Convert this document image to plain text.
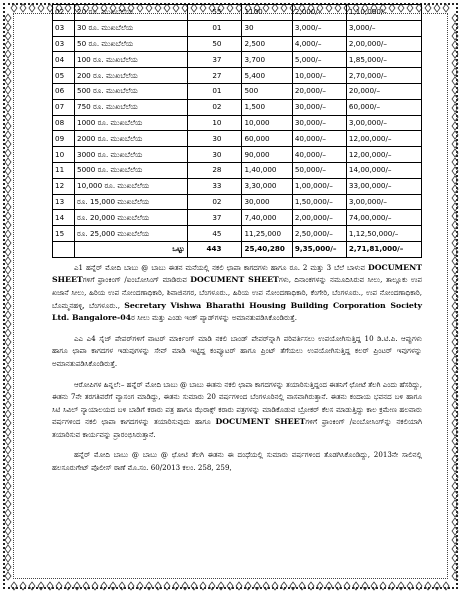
02	20 ರೂ. ಮುಖಬೆಲೆಯ	55	1100	2,000/–	1,10,000/–
03	30 ರೂ. ಮುಖಬೆಲೆಯ	01	30	3,000/–	3,000/–
03	50 ರೂ. ಮುಖಬೆಲೆಯ	50	2,500	4,000/–	2,00,000/–
04	100 ರೂ. ಮುಖಬೆಲೆಯ	37	3,700	5,000/–	1,85,000/–
05	200 ರೂ. ಮುಖಬೆಲೆಯ	27	5,400	10,000/–	2,70,000/–
06	500 ರೂ. ಮುಖಬೆಲೆಯ	01	500	20,000/–	20,000/–
07	750 ರೂ. ಮುಖಬೆಲೆಯ	02	1,500	30,000/–	60,000/–
08	1000 ರೂ. ಮುಖಬೆಲೆಯ	10	10,000	30,000/–	3,00,000/–
09	2000 ರೂ. ಮುಖಬೆಲೆಯ	30	60,000	40,000/–	12,00,000/–
10	3000 ರೂ. ಮುಖಬೆಲೆಯ	30	90,000	40,000/–	12,00,000/–
11	5000 ರೂ. ಮುಖಬೆಲೆಯ	28	1,40,000	50,000/–	14,00,000/–
12	10,000 ರೂ. ಮುಖಬೆಲೆಯ	33	3,30,000	1,00,000/–	33,00,000/–
13	ರೂ. 15,000 ಮುಖಬೆಲೆಯ	02	30,000	1,50,000/–	3,00,000/–
14	ರೂ. 20,000 ಮುಖಬೆಲೆಯ	37	7,40,000	2,00,000/–	74,00,000/–
15	ರೂ. 25,000 ಮುಖಬೆಲೆಯ	45	11,25,000	2,50,000/–	1,12,50,000/–
	ಒಟ್ಟು	443	25,40,280	9,35,000/–	2,71,81,000/–

ಎ1 ಹನ್ನೆರ್ ಮೋದಿ ಬಾಬು @ ಬಾಬು ಈತನ ಮನೆಯಲ್ಲಿ ನಕಲಿ ಛಾಪಾ ಕಾಗದಗಳು ಹಾಗೂ ರೂ. 2 ಮತ್ತು 3 ಬೆಲೆ ಬಾಳುವ DOCUMENT SHEETಗಳಿಗೆ ಫ್ರಾಂಕಿಂಗ್ /ಐಂಬೋಸಿಂಗ್ ಮಾಡಿರುವ DOCUMENT SHEETಗಳು, ದಿನಾಂಕಗಳನ್ನು ನಮೂದಿಸಿರುವ ಸೀಲು, ತಾಲ್ಲೂಕು ಉಪ ಖಜಾನೆ ಸೀಲು, ಹಿರಿಯ ಉಪ ನೋಂದಣಾಧಿಕಾರಿ, ಶಿವಾಜಿನಗರ, ಬೆಂಗಳೂರು., ಹಿರಿಯ ಉಪ ನೋಂದಣಾಧಿಕಾರಿ, ಕೆಂಗೇರಿ, ಬೆಂಗಳೂರು., ಉಪ ನೋಂದಣಾಧಿಕಾರಿ, ಬೊಮ್ಮನಹಳ್ಳಿ, ಬೆಂಗಳೂರು., Secretary Vishwa Bharathi Housing Building Corporation Society Ltd. Bangalore-04ರ ಸೀಲು ಮತ್ತು ಎಂಡು ಇಂಕ್ ಪ್ಯಾಡ್‌ಗಳನ್ನು ಅಮಾನತುಪಡಿಸಿಕೊಂಡಿರುತ್ತೆ.

ಎಎ ಎ4 ಸೈಜ್ ಪೇಪರ್‌ಗಳಿಗೆ ವಾಟರ್ ಮಾರ್ಕಿಂಗ್ ಮಾಡಿ ನಕಲಿ ಬಾಂಡ್ ಪೇಪರ್‌ನ್ನಾಗಿ ಪರಿವರ್ತಿಸಲು ಉಪಯೋಗಿಸುತ್ತಿದ್ದ 10 ಡಿ.ಟಿ.ಪಿ. ಆಪ್ಪುಗಳು ಹಾಗೂ ಛಾಪಾ ಕಾಗದಗಳ ಇಡುಪುಗಳನ್ನು ಸೇವ್ ಮಾಡಿ ಇಟ್ಟಿದ್ದ ಕಂಪ್ಯೂಟರ್ ಹಾಗೂ ಪ್ರಿಂಟ್ ತೆಗೆಯಲು ಉಪಯೋಗಿಸುತ್ತಿದ್ದ ಕಲರ್ ಪ್ರಿಂಟರ್ ಇವುಗಳನ್ನು ಅಮಾನತುಪಡಿಸಿಕೊಂಡಿರುತ್ತೆ.

ಆರೋಪಿಗಳ ಹಿನ್ನಲೆ:– ಹನ್ನೆರ್ ಮೋದಿ ಬಾಬು @ ಬಾಬು ಈತನು ನಕಲಿ ಛಾಪಾ ಕಾಗದಗಳನ್ನು ತಯಾರಿಸುತ್ತಿದ್ದಂದ ಈತನಿಗೆ ಛೋಟೆ ತೆಲಗಿ ಎಂದು ಹೆಸರಿದ್ದು, ಈತನು 7ನೇ ತರಗತಿವರೆಗೆ ವ್ಯಾಸಂಗ ಮಾಡಿದ್ದು, ಈತನು ಸುಮಾರು 20 ವರ್ಷಗಳಿಂದ ಬೆಂಗಳೂರಿನಲ್ಲಿ ವಾಸವಾಗಿರುತ್ತಾನೆ. ಈತನು ಕಂದಾಯ ಭವನದ ಬಳಿ ಹಾಗೂ ಸಿಟಿ ಸಿವಿಲ್ ನ್ಯಾಯಾಲಯದ ಬಳಿ ಬಾಡಿಗೆ ಕರಾರು ಪತ್ರ ಹಾಗೂ ಝೆರಾಕ್ಸ್ ಕರಾರು ಪತ್ರಗಳನ್ನು ಮಾಡಿಕೊಡುವ ಬ್ರೋಕರ್ ಕೆಲಸ ಮಾಡುತ್ತಿದ್ದು ಕಾಲ ಕ್ರಮೇಣ ಹಲವಾರು ವರ್ಷಗಳಿಂದ ನಕಲಿ ಛಾಪಾ ಕಾಗದಗಳನ್ನು ತಯಾರಿಸುವುದು ಹಾಗೂ DOCUMENT SHEETಗಳಿಗೆ ಫ್ರಾಂಕಿಂಗ್ /ಐಂಬೋಸಿಂಗ್‌ನ್ನು ನಕಲಿಯಾಗಿ ತಯಾರಿಸುವ ಕಾರ್ಯವನ್ನು ಪ್ರಾರಂಭಿಸಿರುತ್ತಾನೆ.

ಹನ್ನೆರ್ ಮೋದಿ ಬಾಬು @ ಬಾಬು @ ಛೋಟಿ ತೆಲಗಿ ಈತನು ಈ ದಂಧೆಯಲ್ಲಿ ಸುಮಾರು ವರ್ಷಗಳಿಂದ ತೊಡಗಿಸಿಕೊಂಡಿದ್ದು, 2013ನೇ ಸಾಲಿನಲ್ಲಿ ಹಲಸೂರುಗೇಟ್ ಪೊಲೀಸ್ ಠಾಣೆ ಮೊ.ಸಂ. 60/2013 ಕಲಂ. 258, 259,
